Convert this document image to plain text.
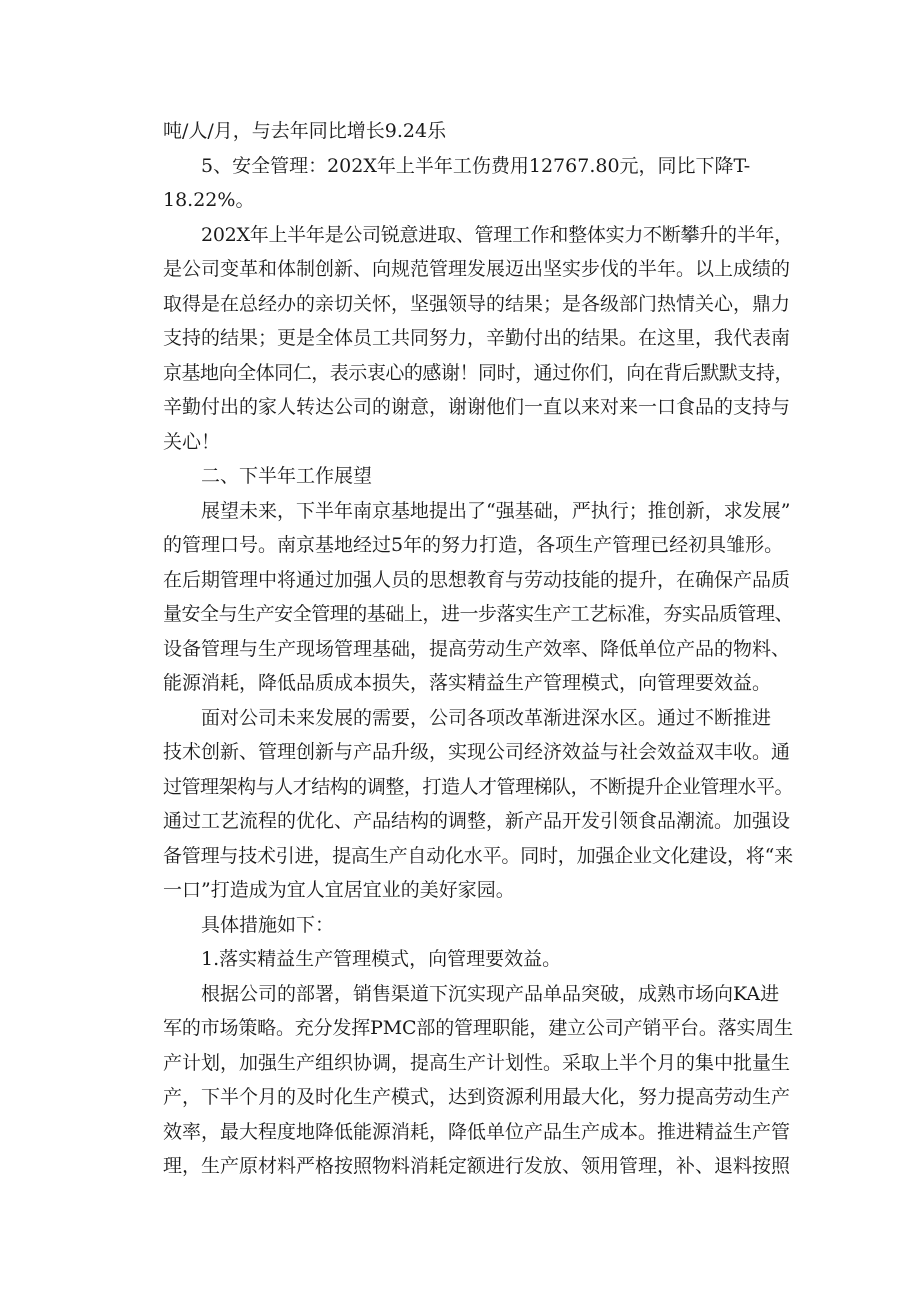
吨/人/月，与去年同比增长9.24乐
5、安全管理：202X年上半年工伤费用12767.80元，同比下降T-
18.22%。
202X年上半年是公司锐意进取、管理工作和整体实力不断攀升的半年，
是公司变革和体制创新、向规范管理发展迈出坚实步伐的半年。以上成绩的
取得是在总经办的亲切关怀，坚强领导的结果；是各级部门热情关心，鼎力
支持的结果；更是全体员工共同努力，辛勤付出的结果。在这里，我代表南
京基地向全体同仁，表示衷心的感谢！同时，通过你们，向在背后默默支持，
辛勤付出的家人转达公司的谢意，谢谢他们一直以来对来一口食品的支持与
关心！
二、下半年工作展望
展望未来，下半年南京基地提出了“强基础，严执行；推创新，求发展”
的管理口号。南京基地经过5年的努力打造，各项生产管理已经初具雏形。
在后期管理中将通过加强人员的思想教育与劳动技能的提升，在确保产品质
量安全与生产安全管理的基础上，进一步落实生产工艺标准，夯实品质管理、
设备管理与生产现场管理基础，提高劳动生产效率、降低单位产品的物料、
能源消耗，降低品质成本损失，落实精益生产管理模式，向管理要效益。
面对公司未来发展的需要，公司各项改革渐进深水区。通过不断推进
技术创新、管理创新与产品升级，实现公司经济效益与社会效益双丰收。通
过管理架构与人才结构的调整，打造人才管理梯队，不断提升企业管理水平。
通过工艺流程的优化、产品结构的调整，新产品开发引领食品潮流。加强设
备管理与技术引进，提高生产自动化水平。同时，加强企业文化建设，将“来
一口”打造成为宜人宜居宜业的美好家园。
具体措施如下：
1.落实精益生产管理模式，向管理要效益。
根据公司的部署，销售渠道下沉实现产品单品突破，成熟市场向KA进
军的市场策略。充分发挥PMC部的管理职能，建立公司产销平台。落实周生
产计划，加强生产组织协调，提高生产计划性。采取上半个月的集中批量生
产，下半个月的及时化生产模式，达到资源利用最大化，努力提高劳动生产
效率，最大程度地降低能源消耗，降低单位产品生产成本。推进精益生产管
理，生产原材料严格按照物料消耗定额进行发放、领用管理，补、退料按照
